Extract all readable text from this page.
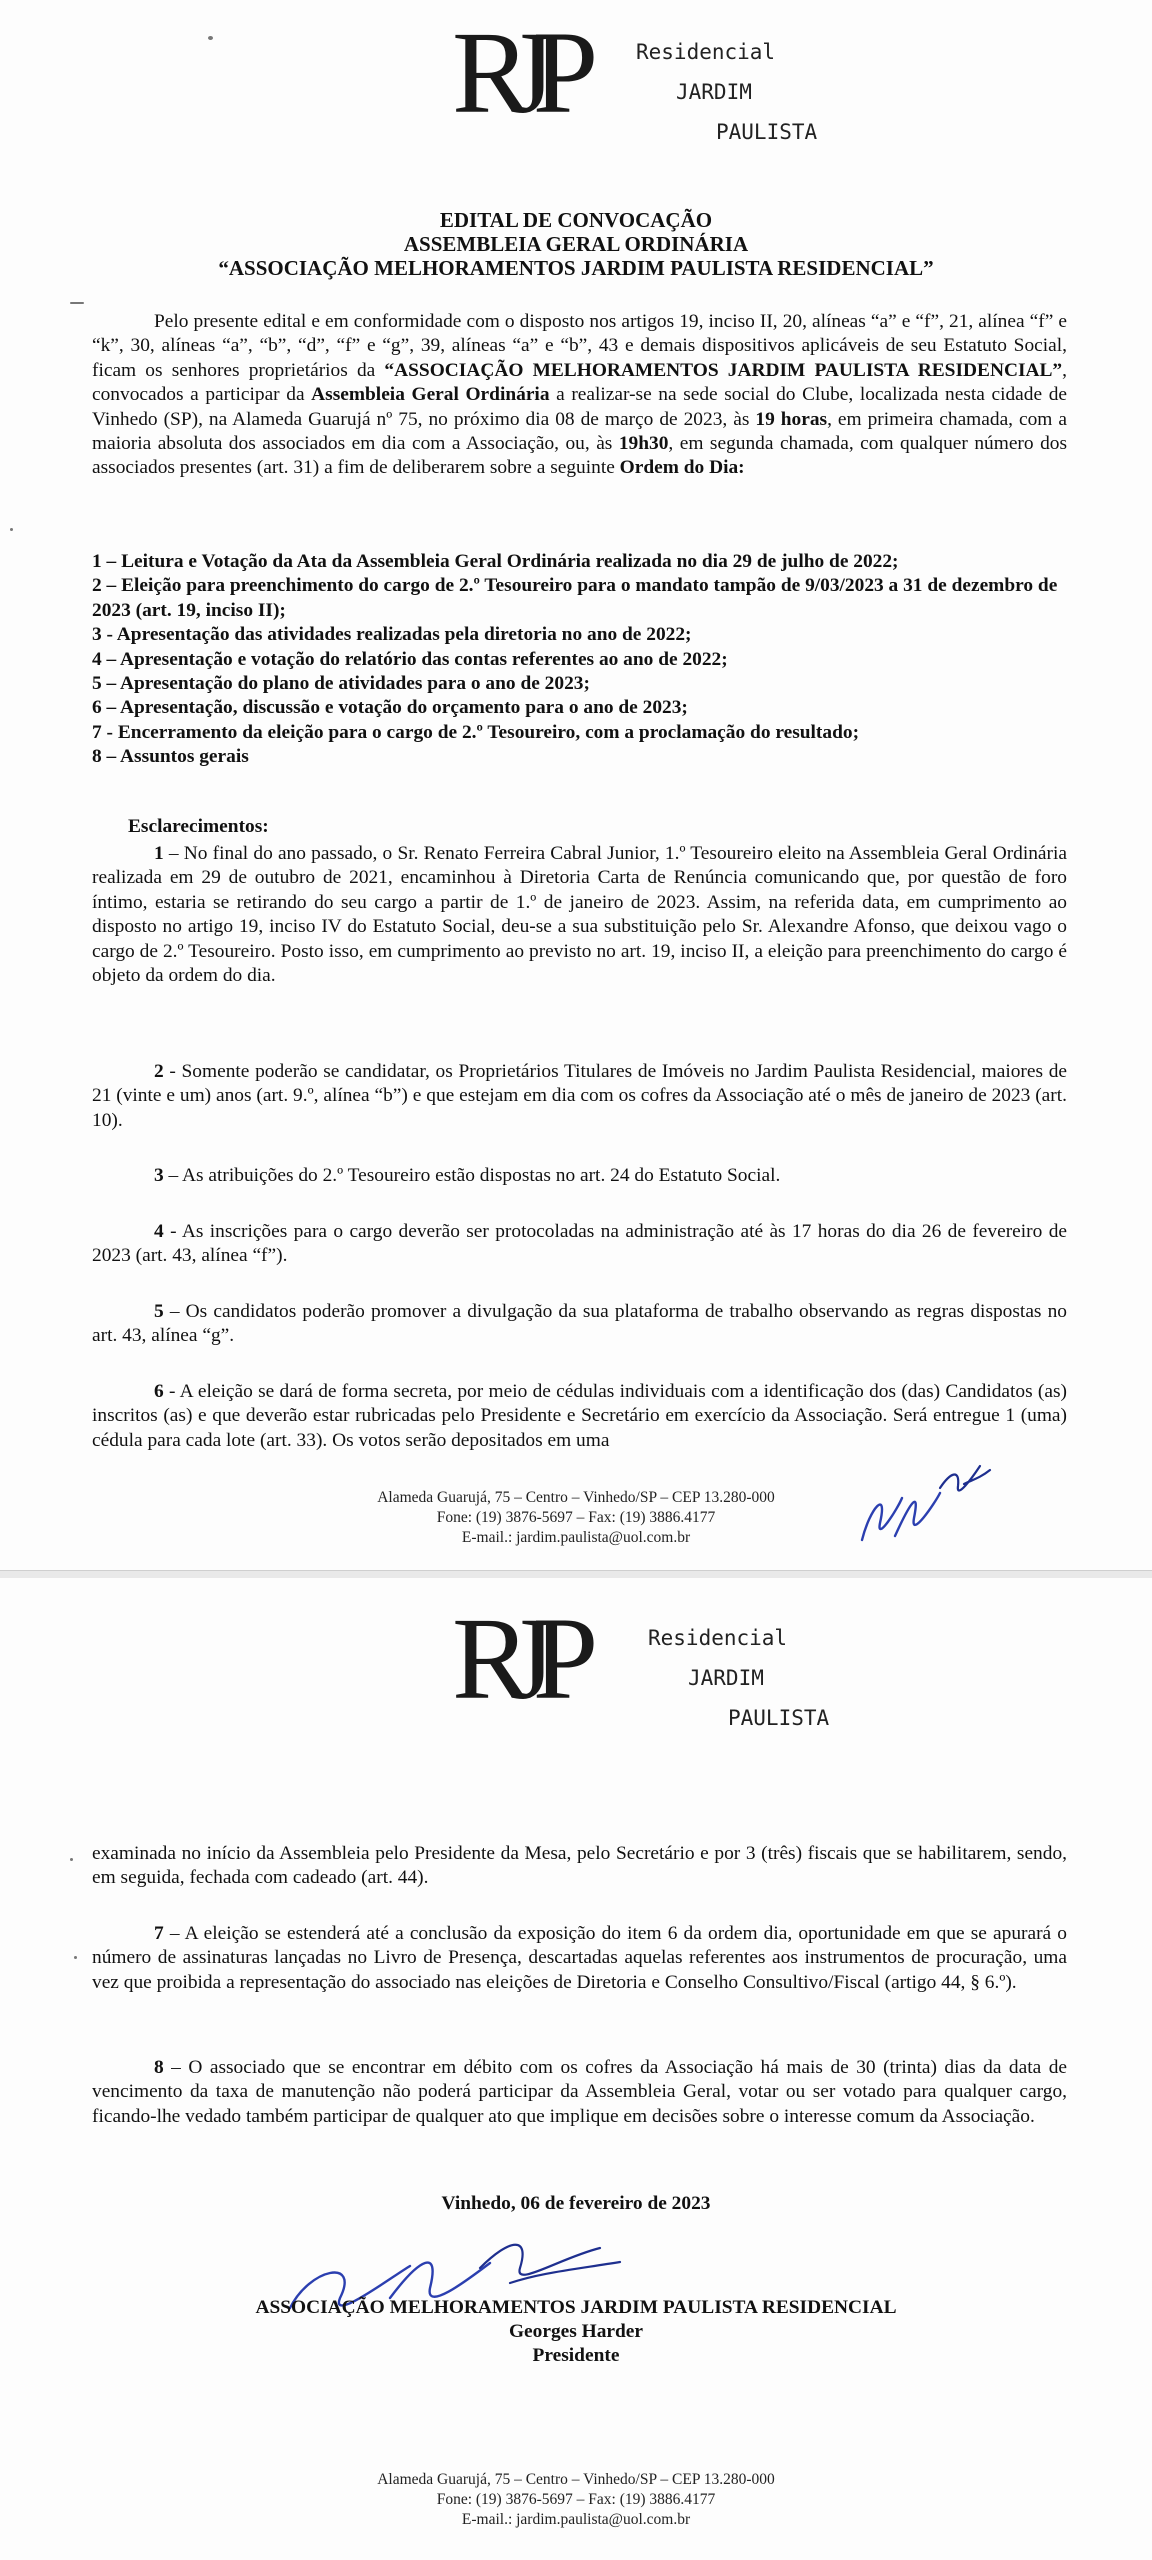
RJP	Residencial
JARDIM
PAULISTA
EDITAL DE CONVOCAÇÃO
ASSEMBLEIA GERAL ORDINÁRIA
“ASSOCIAÇÃO MELHORAMENTOS JARDIM PAULISTA RESIDENCIAL”
Pelo presente edital e em conformidade com o disposto nos artigos 19, inciso II, 20, alíneas “a” e “f”, 21, alínea “f” e “k”, 30, alíneas “a”, “b”, “d”, “f” e “g”, 39, alíneas “a” e “b”, 43 e demais dispositivos aplicáveis de seu Estatuto Social, ficam os senhores proprietários da “ASSOCIAÇÃO MELHORAMENTOS JARDIM PAULISTA RESIDENCIAL”, convocados a participar da Assembleia Geral Ordinária a realizar-se na sede social do Clube, localizada nesta cidade de Vinhedo (SP), na Alameda Guarujá nº 75, no próximo dia 08 de março de 2023, às 19 horas, em primeira chamada, com a maioria absoluta dos associados em dia com a Associação, ou, às 19h30, em segunda chamada, com qualquer número dos associados presentes (art. 31) a fim de deliberarem sobre a seguinte Ordem do Dia:
1 – Leitura e Votação da Ata da Assembleia Geral Ordinária realizada no dia 29 de julho de 2022;
2 – Eleição para preenchimento do cargo de 2.º Tesoureiro para o mandato tampão de 9/03/2023 a 31 de dezembro de 2023 (art. 19, inciso II);
3 - Apresentação das atividades realizadas pela diretoria no ano de 2022;
4 – Apresentação e votação do relatório das contas referentes ao ano de 2022;
5 – Apresentação do plano de atividades para o ano de 2023;
6 – Apresentação, discussão e votação do orçamento para o ano de 2023;
7 - Encerramento da eleição para o cargo de 2.º Tesoureiro, com a proclamação do resultado;
8 – Assuntos gerais
Esclarecimentos:
1 – No final do ano passado, o Sr. Renato Ferreira Cabral Junior, 1.º Tesoureiro eleito na Assembleia Geral Ordinária realizada em 29 de outubro de 2021, encaminhou à Diretoria Carta de Renúncia comunicando que, por questão de foro íntimo, estaria se retirando do seu cargo a partir de 1.º de janeiro de 2023. Assim, na referida data, em cumprimento ao disposto no artigo 19, inciso IV do Estatuto Social, deu-se a sua substituição pelo Sr. Alexandre Afonso, que deixou vago o cargo de 2.º Tesoureiro. Posto isso, em cumprimento ao previsto no art. 19, inciso II, a eleição para preenchimento do cargo é objeto da ordem do dia.
2 - Somente poderão se candidatar, os Proprietários Titulares de Imóveis no Jardim Paulista Residencial, maiores de 21 (vinte e um) anos (art. 9.º, alínea “b”) e que estejam em dia com os cofres da Associação até o mês de janeiro de 2023 (art. 10).
3 – As atribuições do 2.º Tesoureiro estão dispostas no art. 24 do Estatuto Social.
4 - As inscrições para o cargo deverão ser protocoladas na administração até às 17 horas do dia 26 de fevereiro de 2023 (art. 43, alínea “f”).
5 – Os candidatos poderão promover a divulgação da sua plataforma de trabalho observando as regras dispostas no art. 43, alínea “g”.
6 - A eleição se dará de forma secreta, por meio de cédulas individuais com a identificação dos (das) Candidatos (as) inscritos (as) e que deverão estar rubricadas pelo Presidente e Secretário em exercício da Associação. Será entregue 1 (uma) cédula para cada lote (art. 33). Os votos serão depositados em uma
Alameda Guarujá, 75 – Centro – Vinhedo/SP – CEP 13.280-000
Fone: (19) 3876-5697 – Fax: (19) 3886.4177
E-mail.: jardim.paulista@uol.com.br
RJP	Residencial
JARDIM
PAULISTA
examinada no início da Assembleia pelo Presidente da Mesa, pelo Secretário e por 3 (três) fiscais que se habilitarem, sendo, em seguida, fechada com cadeado (art. 44).
7 – A eleição se estenderá até a conclusão da exposição do item 6 da ordem dia, oportunidade em que se apurará o número de assinaturas lançadas no Livro de Presença, descartadas aquelas referentes aos instrumentos de procuração, uma vez que proibida a representação do associado nas eleições de Diretoria e Conselho Consultivo/Fiscal (artigo 44, § 6.º).
8 – O associado que se encontrar em débito com os cofres da Associação há mais de 30 (trinta) dias da data de vencimento da taxa de manutenção não poderá participar da Assembleia Geral, votar ou ser votado para qualquer cargo, ficando-lhe vedado também participar de qualquer ato que implique em decisões sobre o interesse comum da Associação.
Vinhedo, 06 de fevereiro de 2023
ASSOCIAÇÃO MELHORAMENTOS JARDIM PAULISTA RESIDENCIAL
Georges Harder
Presidente
Alameda Guarujá, 75 – Centro – Vinhedo/SP – CEP 13.280-000
Fone: (19) 3876-5697 – Fax: (19) 3886.4177
E-mail.: jardim.paulista@uol.com.br
